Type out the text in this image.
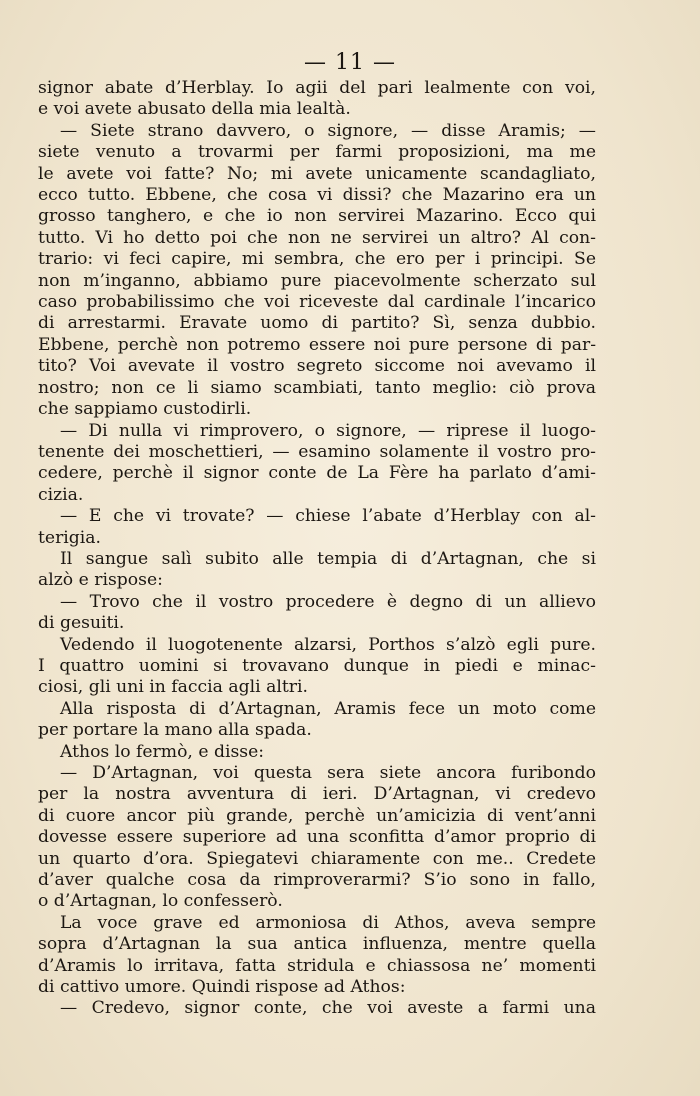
— 11 —
signor abate d’Herblay. Io agii del pari lealmente con voi,
e voi avete abusato della mia lealtà.
— Siete strano davvero, o signore, — disse Aramis; —
siete venuto a trovarmi per farmi proposizioni, ma me
le avete voi fatte? No; mi avete unicamente scandagliato,
ecco tutto. Ebbene, che cosa vi dissi? che Mazarino era un
grosso tanghero, e che io non servirei Mazarino. Ecco qui
tutto. Vi ho detto poi che non ne servirei un altro? Al con-
trario: vi feci capire, mi sembra, che ero per i principi. Se
non m’inganno, abbiamo pure piacevolmente scherzato sul
caso probabilissimo che voi riceveste dal cardinale l’incarico
di arrestarmi. Eravate uomo di partito? Sì, senza dubbio.
Ebbene, perchè non potremo essere noi pure persone di par-
tito? Voi avevate il vostro segreto siccome noi avevamo il
nostro; non ce li siamo scambiati, tanto meglio: ciò prova
che sappiamo custodirli.
— Di nulla vi rimprovero, o signore, — riprese il luogo-
tenente dei moschettieri, — esamino solamente il vostro pro-
cedere, perchè il signor conte de La Fère ha parlato d’ami-
cizia.
— E che vi trovate? — chiese l’abate d’Herblay con al-
terigia.
Il sangue salì subito alle tempia di d’Artagnan, che si
alzò e rispose:
— Trovo che il vostro procedere è degno di un allievo
di gesuiti.
Vedendo il luogotenente alzarsi, Porthos s’alzò egli pure.
I quattro uomini si trovavano dunque in piedi e minac-
ciosi, gli uni in faccia agli altri.
Alla risposta di d’Artagnan, Aramis fece un moto come
per portare la mano alla spada.
Athos lo fermò, e disse:
— D’Artagnan, voi questa sera siete ancora furibondo
per la nostra avventura di ieri. D’Artagnan, vi credevo
di cuore ancor più grande, perchè un’amicizia di vent’anni
dovesse essere superiore ad una sconfitta d’amor proprio di
un quarto d’ora. Spiegatevi chiaramente con me.. Credete
d’aver qualche cosa da rimproverarmi? S’io sono in fallo,
o d’Artagnan, lo confesserò.
La voce grave ed armoniosa di Athos, aveva sempre
sopra d’Artagnan la sua antica influenza, mentre quella
d’Aramis lo irritava, fatta stridula e chiassosa ne’ momenti
di cattivo umore. Quindi rispose ad Athos:
— Credevo, signor conte, che voi aveste a farmi una
